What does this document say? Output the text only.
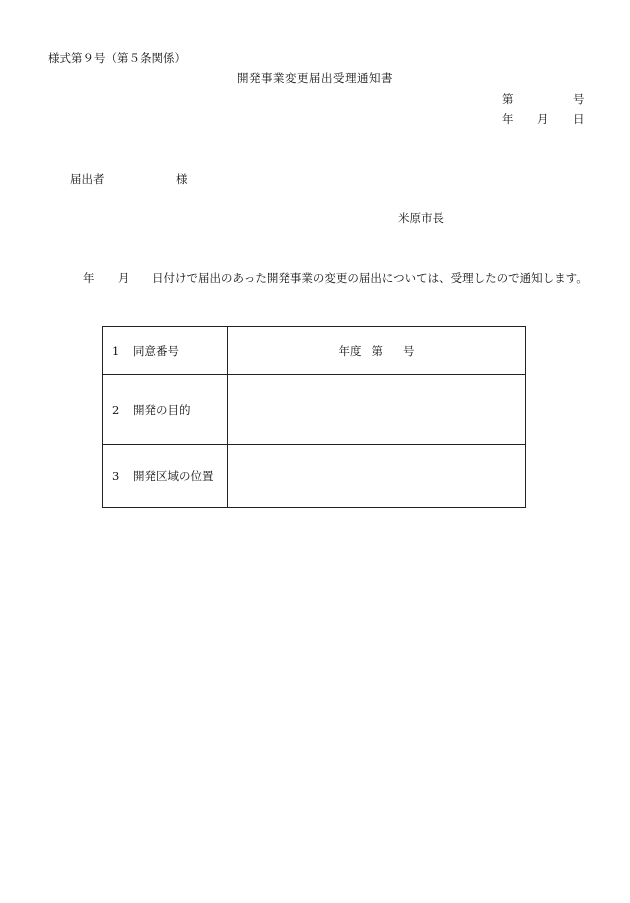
様式第９号（第５条関係）
開発事業変更届出受理通知書
第	号
年 月 日
届出者	様
米原市長
年 月 日付けで届出のあった開発事業の変更の届出については、受理したので通知します。
1 同意番号	年度 第 号
2 開発の目的	
3 開発区域の位置	
